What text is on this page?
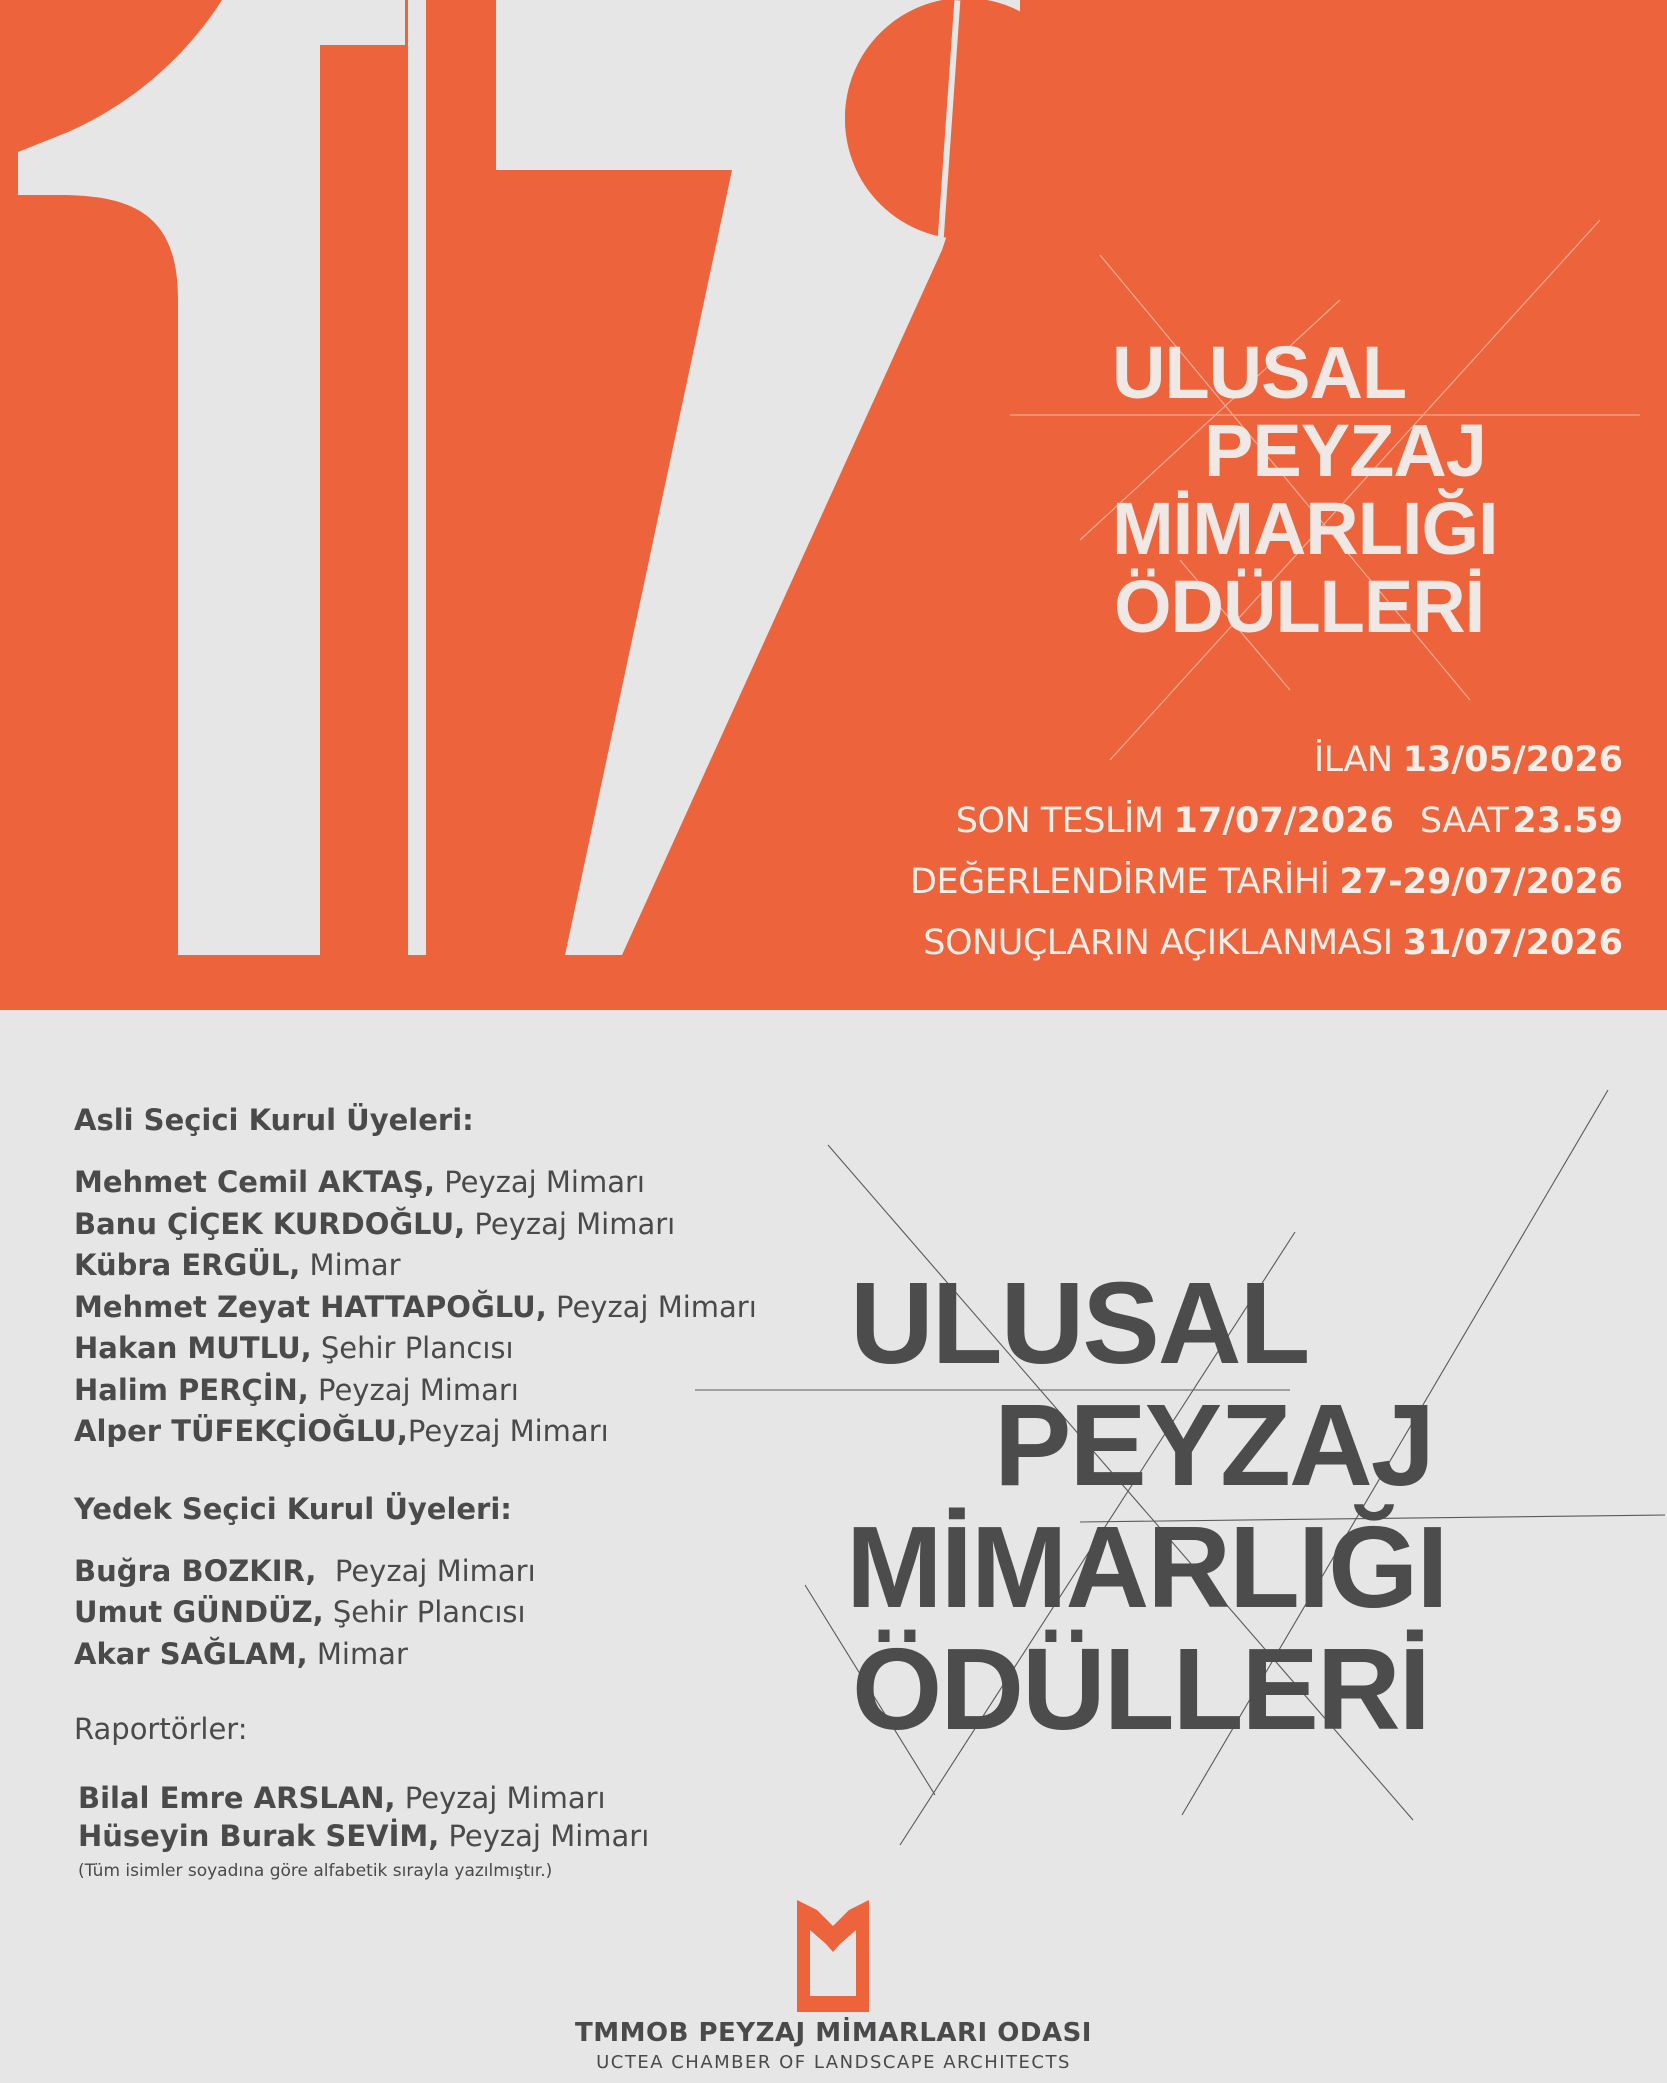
ULUSAL
PEYZAJ
MİMARLIĞI
ÖDÜLLERİ
İLAN 13/05/2026
SON TESLİM 17/07/2026 SAAT 23.59
DEĞERLENDİRME TARİHİ 27-29/07/2026
SONUÇLARIN AÇIKLANMASI 31/07/2026
ULUSAL
PEYZAJ
MİMARLIĞI
ÖDÜLLERİ
Asli Seçici Kurul Üyeleri:
Mehmet Cemil AKTAŞ, Peyzaj Mimarı
Banu ÇİÇEK KURDOĞLU, Peyzaj Mimarı
Kübra ERGÜL, Mimar
Mehmet Zeyat HATTAPOĞLU, Peyzaj Mimarı
Hakan MUTLU, Şehir Plancısı
Halim PERÇİN, Peyzaj Mimarı
Alper TÜFEKÇİOĞLU,Peyzaj Mimarı
Yedek Seçici Kurul Üyeleri:
Buğra BOZKIR, Peyzaj Mimarı
Umut GÜNDÜZ, Şehir Plancısı
Akar SAĞLAM, Mimar
Raportörler:
Bilal Emre ARSLAN, Peyzaj Mimarı
Hüseyin Burak SEVİM, Peyzaj Mimarı
(Tüm isimler soyadına göre alfabetik sırayla yazılmıştır.)
TMMOB PEYZAJ MİMARLARI ODASI
UCTEA CHAMBER OF LANDSCAPE ARCHITECTS
